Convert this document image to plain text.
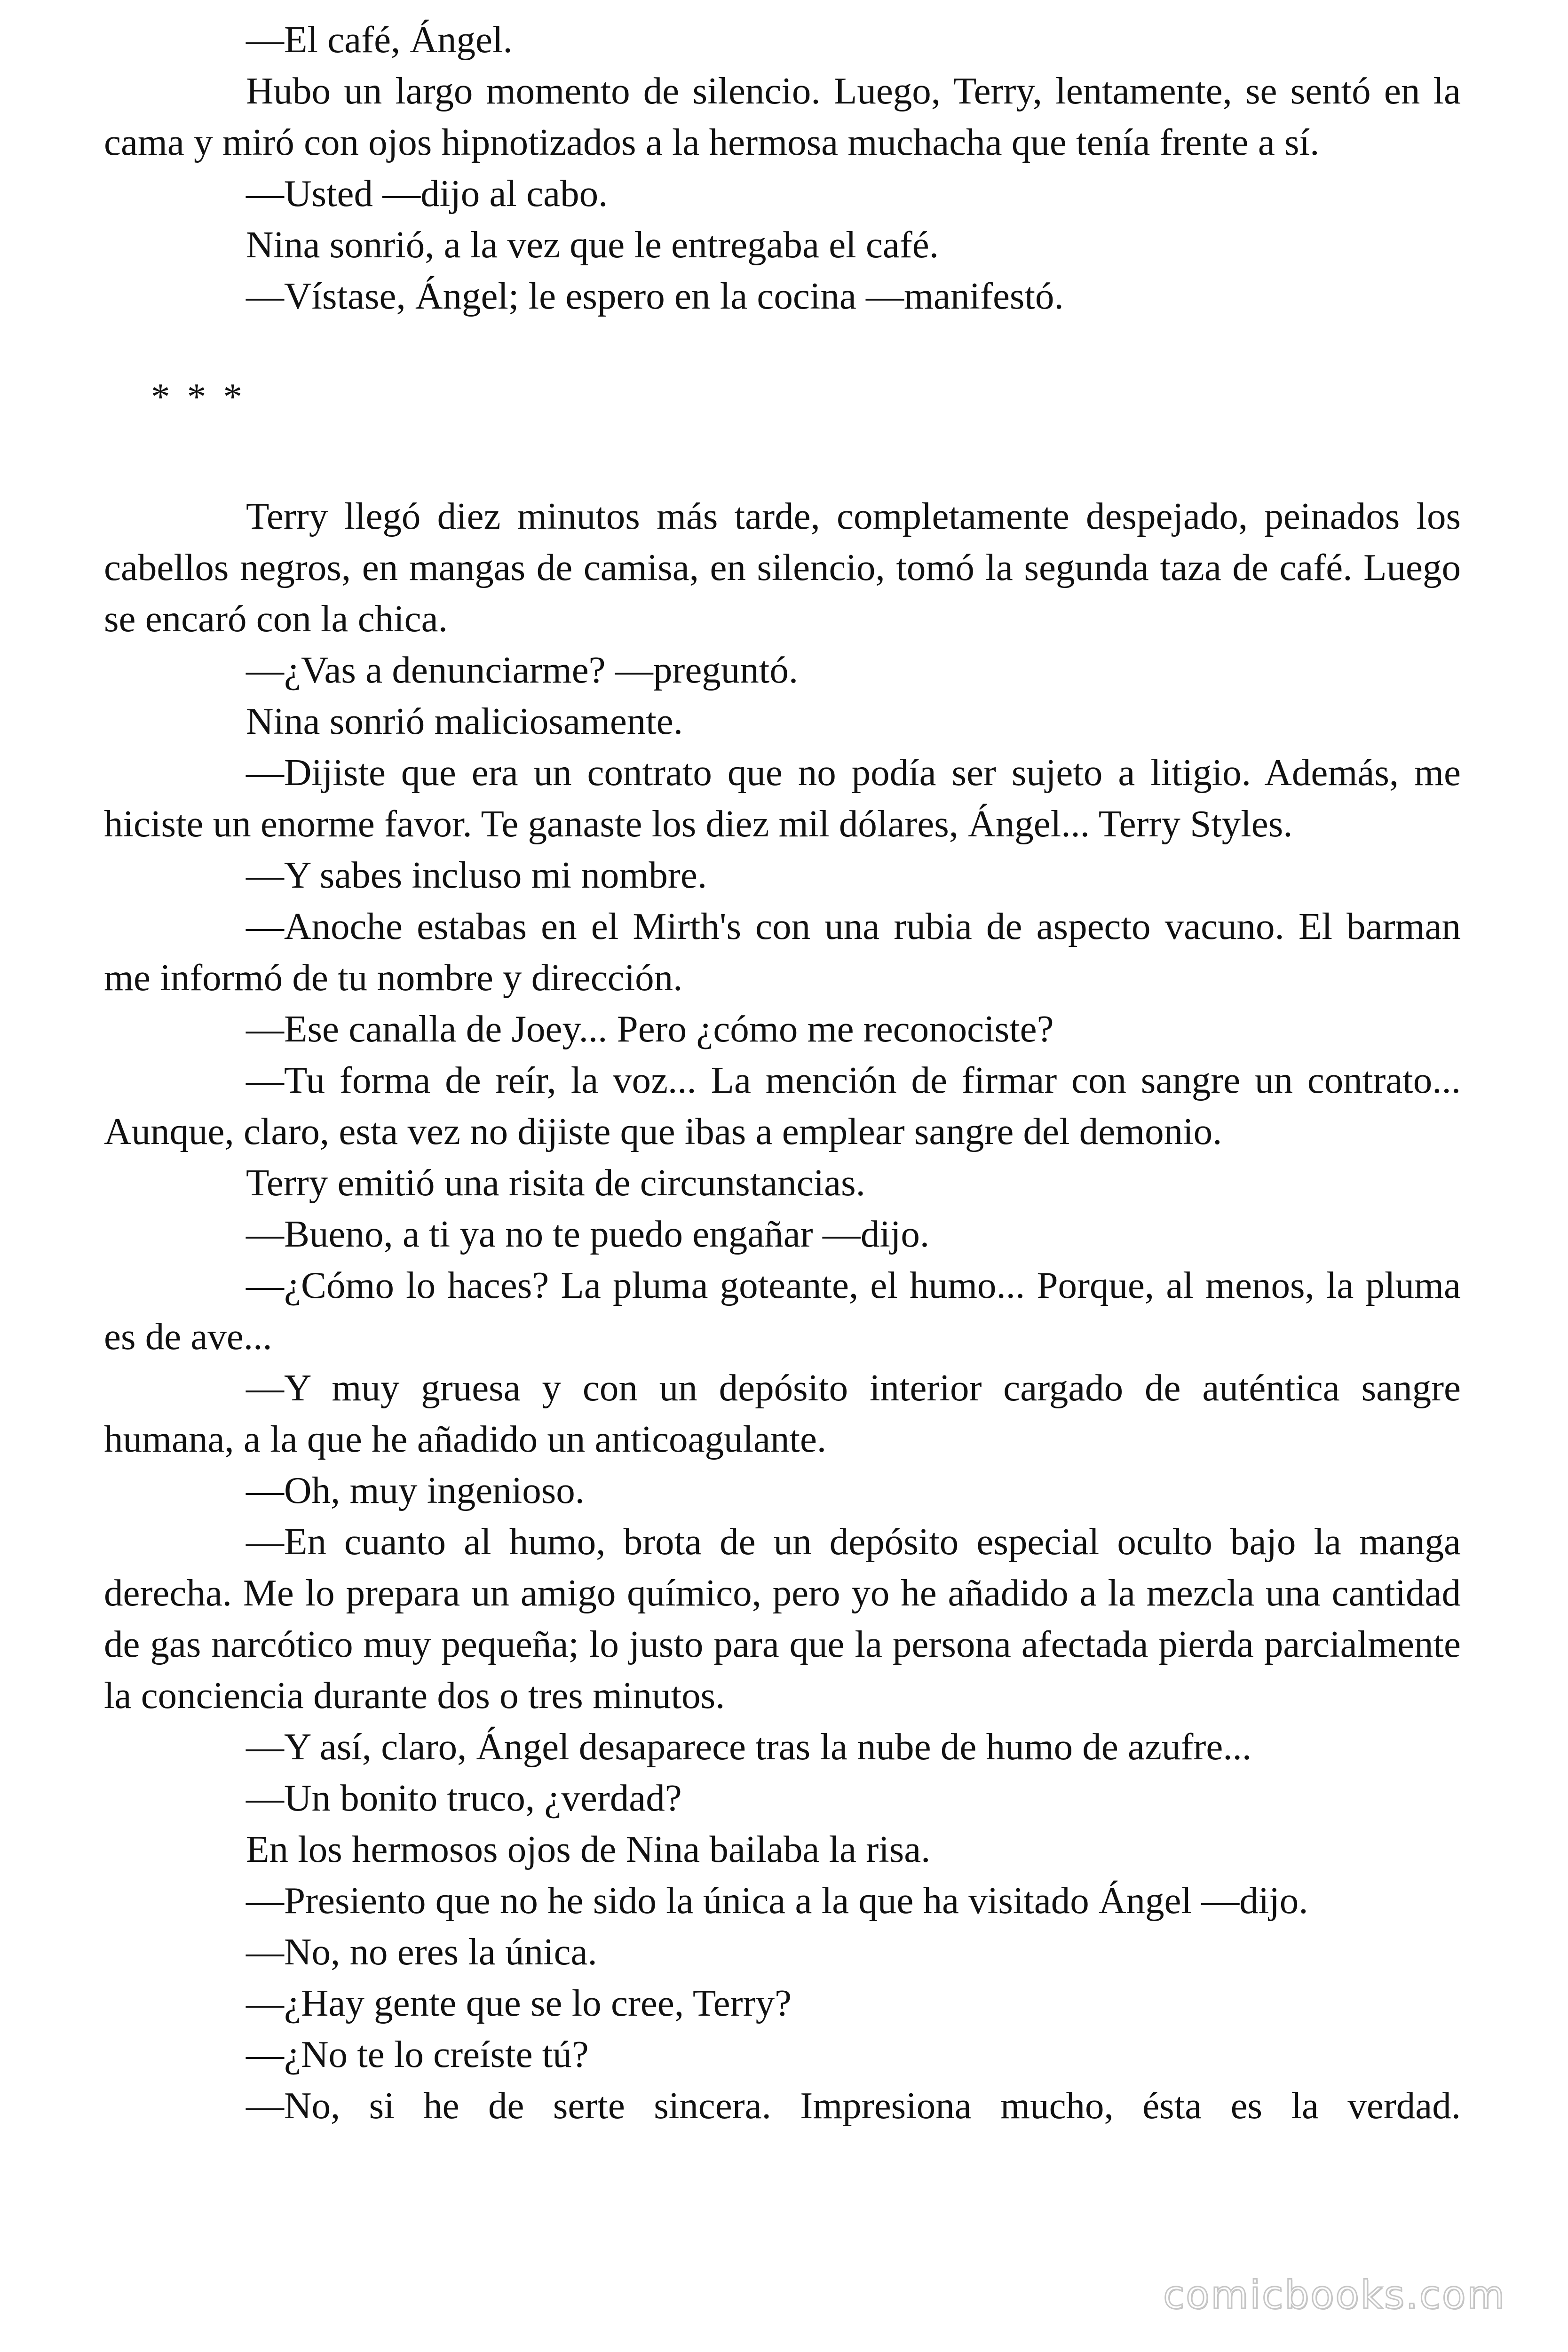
—El café, Ángel.

Hubo un largo momento de silencio. Luego, Terry, lentamente, se sentó en la cama y miró con ojos hipnotizados a la hermosa muchacha que tenía frente a sí.

—Usted —dijo al cabo.

Nina sonrió, a la vez que le entregaba el café.

—Vístase, Ángel; le espero en la cocina —manifestó.

* * *

Terry llegó diez minutos más tarde, completamente despejado, peinados los cabellos negros, en mangas de camisa, en silencio, tomó la segunda taza de café. Luego se encaró con la chica.

—¿Vas a denunciarme? —preguntó.

Nina sonrió maliciosamente.

—Dijiste que era un contrato que no podía ser sujeto a litigio. Además, me hiciste un enorme favor. Te ganaste los diez mil dólares, Ángel... Terry Styles.

—Y sabes incluso mi nombre.

—Anoche estabas en el Mirth's con una rubia de aspecto vacuno. El barman me informó de tu nombre y dirección.

—Ese canalla de Joey... Pero ¿cómo me reconociste?

—Tu forma de reír, la voz... La mención de firmar con sangre un contrato... Aunque, claro, esta vez no dijiste que ibas a emplear sangre del demonio.

Terry emitió una risita de circunstancias.

—Bueno, a ti ya no te puedo engañar —dijo.

—¿Cómo lo haces? La pluma goteante, el humo... Porque, al menos, la pluma es de ave...

—Y muy gruesa y con un depósito interior cargado de auténtica sangre humana, a la que he añadido un anticoagulante.

—Oh, muy ingenioso.

—En cuanto al humo, brota de un depósito especial oculto bajo la manga derecha. Me lo prepara un amigo químico, pero yo he añadido a la mezcla una cantidad de gas narcótico muy pequeña; lo justo para que la persona afectada pierda parcialmente la conciencia durante dos o tres minutos.

—Y así, claro, Ángel desaparece tras la nube de humo de azufre...

—Un bonito truco, ¿verdad?

En los hermosos ojos de Nina bailaba la risa.

—Presiento que no he sido la única a la que ha visitado Ángel —dijo.

—No, no eres la única.

—¿Hay gente que se lo cree, Terry?

—¿No te lo creíste tú?

—No, si he de serte sincera. Impresiona mucho, ésta es la verdad.

comicbooks.com
